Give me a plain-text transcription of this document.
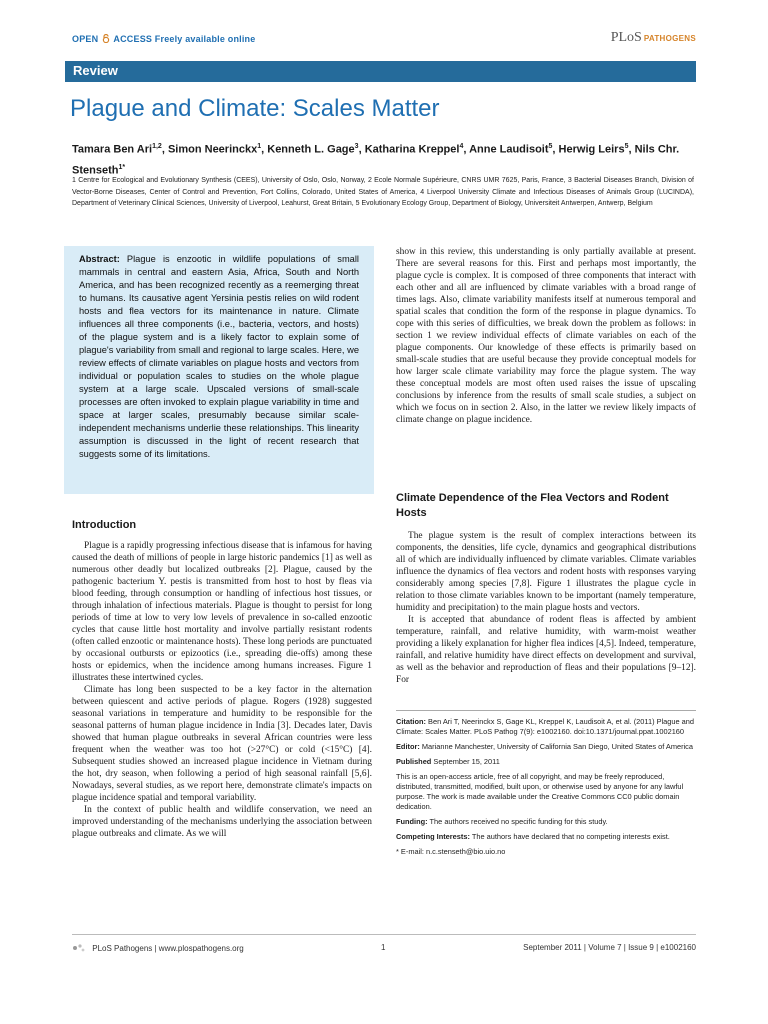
OPEN ACCESS Freely available online	PLoS PATHOGENS
Review
Plague and Climate: Scales Matter
Tamara Ben Ari$^{1,2}$, Simon Neerinckx$^1$, Kenneth L. Gage$^3$, Katharina Kreppel$^4$, Anne Laudisoit$^5$, Herwig Leirs$^5$, Nils Chr. Stenseth$^{1*}$
1 Centre for Ecological and Evolutionary Synthesis (CEES), University of Oslo, Oslo, Norway, 2 Ecole Normale Supérieure, CNRS UMR 7625, Paris, France, 3 Bacterial Diseases Branch, Division of Vector-Borne Diseases, Center of Control and Prevention, Fort Collins, Colorado, United States of America, 4 Liverpool University Climate and Infectious Diseases of Animals Group (LUCINDA), Department of Veterinary Clinical Sciences, University of Liverpool, Leahurst, Great Britain, 5 Evolutionary Ecology Group, Department of Biology, Universiteit Antwerpen, Antwerp, Belgium
Abstract: Plague is enzootic in wildlife populations of small mammals in central and eastern Asia, Africa, South and North America, and has been recognized recently as a reemerging threat to humans. Its causative agent Yersinia pestis relies on wild rodent hosts and flea vectors for its maintenance in nature. Climate influences all three components (i.e., bacteria, vectors, and hosts) of the plague system and is a likely factor to explain some of plague's variability from small and regional to large scales. Here, we review effects of climate variables on plague hosts and vectors from individual or population scales to studies on the whole plague system at a large scale. Upscaled versions of small-scale processes are often invoked to explain plague variability in time and space at larger scales, presumably because similar scale-independent mechanisms underlie these relationships. This linearity assumption is discussed in the light of recent research that suggests some of its limitations.
Introduction

Plague is a rapidly progressing infectious disease that is infamous for having caused the death of millions of people in large historic pandemics [1] as well as numerous other deadly but localized outbreaks [2]. Plague, caused by the pathogenic bacterium Y. pestis is transmitted from host to host by fleas via blood feeding, through consumption or handling of infectious host tissues, or through inhalation of infectious materials. Plague is thought to persist for long periods of time at low to very low levels of prevalence in so-called enzootic cycles that cause little host mortality and involve partially resistant rodents (often called enzootic or maintenance hosts). These long periods are punctuated by occasional outbursts or epizootics (i.e., spreading die-offs) among these hosts or epidemics, when the incidence among humans increases. Figure 1 illustrates these intertwined cycles.

Climate has long been suspected to be a key factor in the alternation between quiescent and active periods of plague. Rogers (1928) suggested seasonal variations in temperature and humidity to be responsible for the seasonal patterns of human plague incidence in India [3]. Decades later, Davis showed that human plague outbreaks in several African countries were less frequent when the weather was too hot (>27°C) or cold (<15°C) [4]. Subsequent studies showed an increased plague incidence in Vietnam during the hot, dry season, when following a period of high seasonal rainfall [5,6]. Nowadays, several studies, as we report here, demonstrate climate's impacts on plague incidence spatial and temporal variability.

In the context of public health and wildlife conservation, we need an improved understanding of the mechanisms underlying the association between plague outbreaks and climate. As we will

show in this review, this understanding is only partially available at present. There are several reasons for this. First and perhaps most importantly, the plague cycle is complex. It is composed of three components that interact with each other and all are influenced by climate variables with a broad range of times lags. Also, climate variability manifests itself at numerous temporal and spatial scales that condition the form of the response in plague dynamics. To cope with this series of difficulties, we break down the problem as follows: in section 1 we review individual effects of climate variables on each of the plague components. Our knowledge of these effects is primarily based on small-scale studies that are useful because they provide conceptual models for how larger scale climate variability may force the plague system. The way these conceptual models are most often used raises the issue of upscaling conclusions by inference from the results of small scale studies, a subject on which we focus on in section 2. Also, in the latter we review likely impacts of climate change on plague incidence.

Climate Dependence of the Flea Vectors and Rodent Hosts

The plague system is the result of complex interactions between its components, the densities, life cycle, dynamics and geographical distributions all of which are individually influenced by climate variables. Climate variables influence the dynamics of flea vectors and rodent hosts with responses varying considerably among species [7,8]. Figure 1 illustrates the plague cycle in relation to those climate variables known to be important (namely temperature, humidity and precipitation) to the main plague hosts and vectors.

It is accepted that abundance of rodent fleas is affected by ambient temperature, rainfall, and relative humidity, with warm-moist weather providing a likely explanation for higher flea indices [4,5]. Indeed, temperature, rainfall, and relative humidity have direct effects on development and survival, as well as the behavior and reproduction of fleas and their populations [9–12]. For

Citation: Ben Ari T, Neerinckx S, Gage KL, Kreppel K, Laudisoit A, et al. (2011) Plague and Climate: Scales Matter. PLoS Pathog 7(9): e1002160. doi:10.1371/journal.ppat.1002160

Editor: Marianne Manchester, University of California San Diego, United States of America

Published September 15, 2011

This is an open-access article, free of all copyright, and may be freely reproduced, distributed, transmitted, modified, built upon, or otherwise used by anyone for any lawful purpose. The work is made available under the Creative Commons CC0 public domain dedication.

Funding: The authors received no specific funding for this study.

Competing Interests: The authors have declared that no competing interests exist.

* E-mail: n.c.stenseth@bio.uio.no

PLoS Pathogens | www.plospathogens.org	1	September 2011 | Volume 7 | Issue 9 | e1002160
